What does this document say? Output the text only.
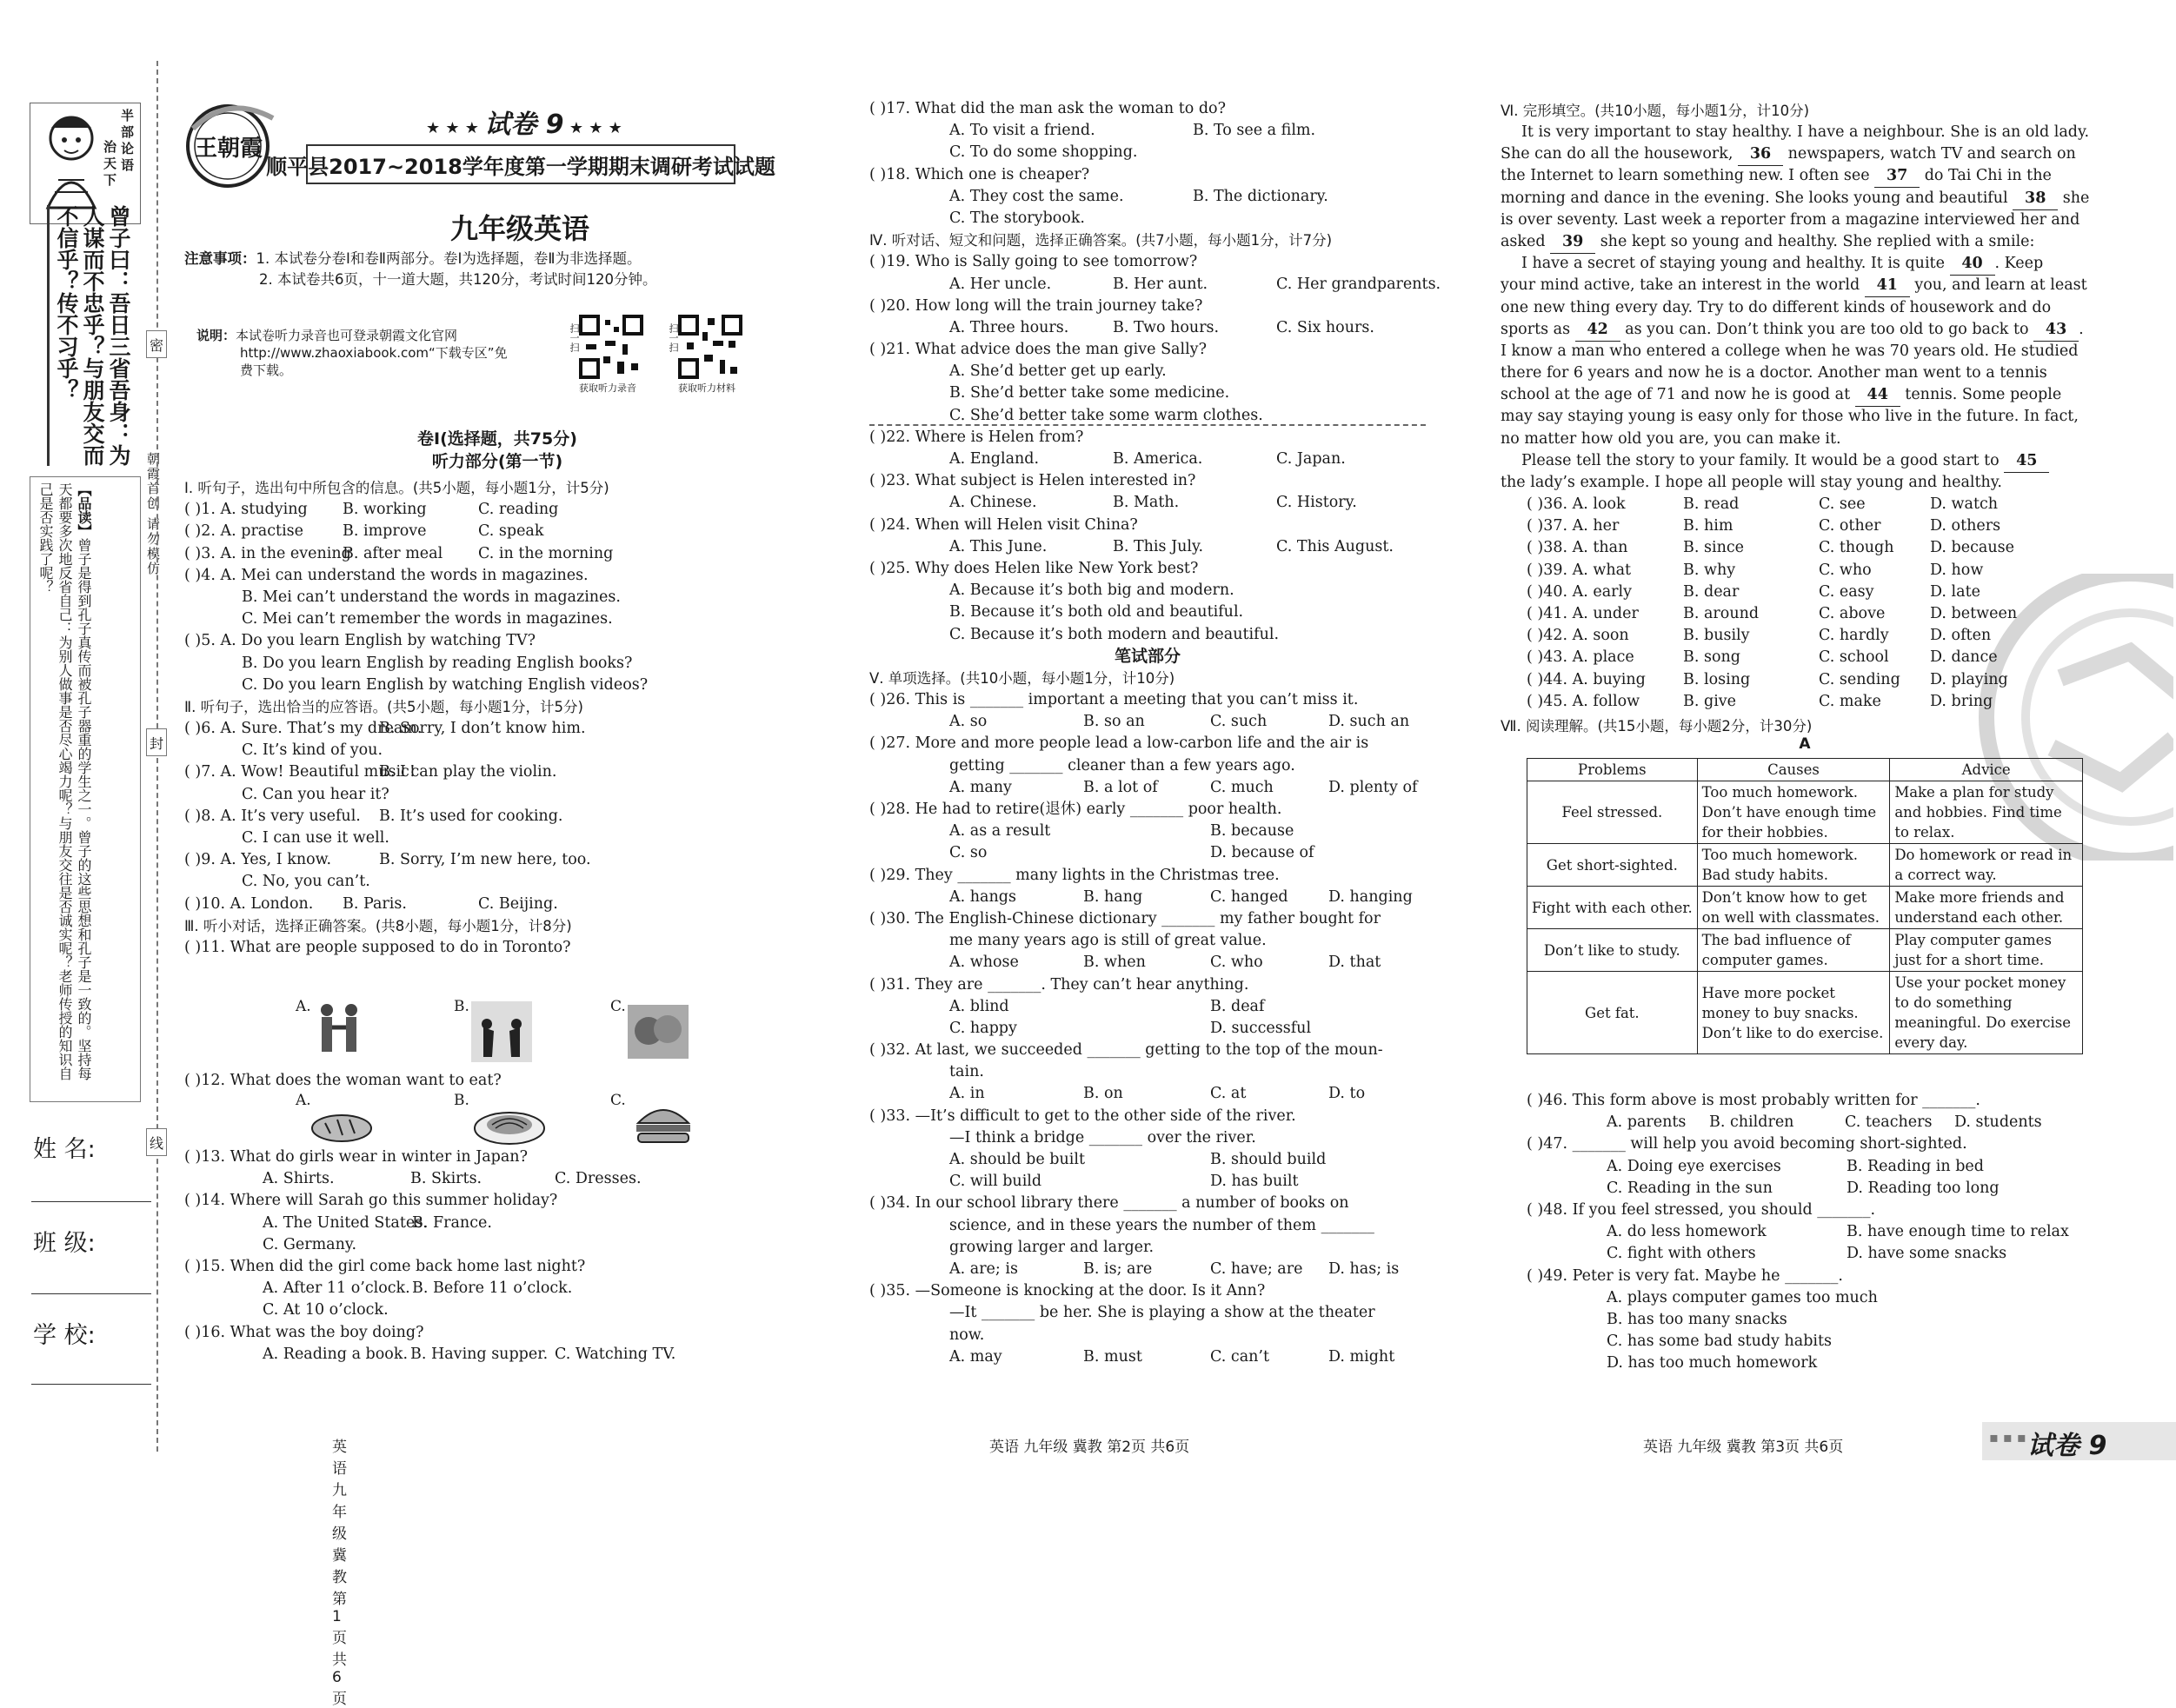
半部论语
治天下
曾子曰：吾日三省吾身：为人谋而不忠乎？与朋友交而不信乎？传不习乎？
【品读】曾子是得到孔子真传而被孔子器重的学生之一。曾子的这些思想和孔子是一致的。坚持每天都要多次地反省自己：为别人做事是否尽心竭力呢？与朋友交往是否诚实呢？老师传授的知识自己是否实践了呢？	朝霞首创 请勿模仿
密
封
线
姓 名:
班 级:
学 校:
王朝霞
★ ★ ★ 试卷 9 ★ ★ ★
顺平县2017~2018学年度第一学期期末调研考试试题
九年级英语
注意事项：1. 本试卷分卷Ⅰ和卷Ⅱ两部分。卷Ⅰ为选择题，卷Ⅱ为非选择题。
2. 本试卷共6页，十一道大题，共120分，考试时间120分钟。
说明：本试卷听力录音也可登录朝霞文化官网
http://www.zhaoxiabook.com“下载专区”免
费下载。
扫一扫	扫一扫
获取听力录音	获取听力材料
卷Ⅰ(选择题，共75分)
听力部分(第一节)
Ⅰ. 听句子，选出句中所包含的信息。(共5小题，每小题1分，计5分)
( )1. A. studying B. working	C. reading
( )2. A. practise	B. improve	C. speak
( )3. A. in the evening
B. after meal C. in the morning
( )4. A. Mei can understand the words in magazines.
B. Mei can’t understand the words in magazines.
C. Mei can’t remember the words in magazines.
( )5. A. Do you learn English by watching TV?
B. Do you learn English by reading English books?
C. Do you learn English by watching English videos?
Ⅱ. 听句子，选出恰当的应答语。(共5小题，每小题1分，计5分)
( )6. A. Sure. That’s my dream.
B. Sorry, I don’t know him.
C. It’s kind of you.
( )7. A. Wow! Beautiful music!
B. I can play the violin.
C. Can you hear it?
( )8. A. It’s very useful. B. It’s used for cooking.
C. I can use it well.
( )9. A. Yes, I know.	B. Sorry, I’m new here, too.
C. No, you can’t.
( )10. A. London. B. Paris.	C. Beijing.
Ⅲ. 听小对话，选择正确答案。(共8小题，每小题1分，计8分)
( )11. What are people supposed to do in Toronto?
A.	B.	C.
( )12. What does the woman want to eat?
A.	B.	C.
( )13. What do girls wear in winter in Japan?
A. Shirts.	B. Skirts.	C. Dresses.
( )14. Where will Sarah go this summer holiday?
A. The United States.
B. France.
C. Germany.
( )15. When did the girl come back home last night?
A. After 11 o’clock. B. Before 11 o’clock.
C. At 10 o’clock.
( )16. What was the boy doing?
A. Reading a book. B. Having supper. C. Watching TV.
英语 九年级 冀教 第1页 共6页
( )17. What did the man ask the woman to do?
A. To visit a friend.	B. To see a film.
C. To do some shopping.
( )18. Which one is cheaper?
A. They cost the same.	B. The dictionary.
C. The storybook.
Ⅳ. 听对话、短文和问题，选择正确答案。(共7小题，每小题1分，计7分)
( )19. Who is Sally going to see tomorrow?
A. Her uncle.	B. Her aunt.	C. Her grandparents.
( )20. How long will the train journey take?
A. Three hours.	B. Two hours.	C. Six hours.
( )21. What advice does the man give Sally?
A. She’d better get up early.
B. She’d better take some medicine.
C. She’d better take some warm clothes.
( )22. Where is Helen from?
A. England.	B. America.	C. Japan.
( )23. What subject is Helen interested in?
A. Chinese.	B. Math.	C. History.
( )24. When will Helen visit China?
A. This June.	B. This July.	C. This August.
( )25. Why does Helen like New York best?
A. Because it’s both big and modern.
B. Because it’s both old and beautiful.
C. Because it’s both modern and beautiful.
笔试部分
Ⅴ. 单项选择。(共10小题，每小题1分，计10分)
( )26. This is _______ important a meeting that you can’t miss it.
A. so	B. so an	C. such	D. such an
( )27. More and more people lead a low-carbon life and the air is
getting _______ cleaner than a few years ago.
A. many	B. a lot of	C. much	D. plenty of
( )28. He had to retire(退休) early _______ poor health.
A. as a result	B. because
C. so	D. because of
( )29. They _______ many lights in the Christmas tree.
A. hangs	B. hang	C. hanged	D. hanging
( )30. The English-Chinese dictionary _______ my father bought for
me many years ago is still of great value.
A. whose	B. when	C. who	D. that
( )31. They are _______. They can’t hear anything.
A. blind	B. deaf
C. happy	D. successful
( )32. At last, we succeeded _______ getting to the top of the moun-
tain.
A. in	B. on	C. at	D. to
( )33. —It’s difficult to get to the other side of the river.
—I think a bridge _______ over the river.
A. should be built	B. should build
C. will build	D. has built
( )34. In our school library there _______ a number of books on
science, and in these years the number of them _______
growing larger and larger.
A. are; is	B. is; are	C. have; are D. has; is
( )35. —Someone is knocking at the door. Is it Ann?
—It _______ be her. She is playing a show at the theater
now.
A. may	B. must	C. can’t	D. might
英语 九年级 冀教 第2页 共6页
Ⅵ. 完形填空。(共10小题，每小题1分，计10分)
It is very important to stay healthy. I have a neighbour. She is an old lady.
She can do all the housework, 36 newspapers, watch TV and search on
the Internet to learn something new. I often see 37 do Tai Chi in the
morning and dance in the evening. She looks young and beautiful 38 she
is over seventy. Last week a reporter from a magazine interviewed her and
asked 39 she kept so young and healthy. She replied with a smile:
I have a secret of staying young and healthy. It is quite 40 . Keep
your mind active, take an interest in the world 41 you, and learn at least
one new thing every day. Try to do different kinds of housework and do
sports as 42 as you can. Don’t think you are too old to go back to 43 .
I know a man who entered a college when he was 70 years old. He studied
there for 6 years and now he is a doctor. Another man went to a tennis
school at the age of 71 and now he is good at 44 tennis. Some people
may say staying young is easy only for those who live in the future. In fact,
no matter how old you are, you can make it.
Please tell the story to your family. It would be a good start to 45
the lady’s example. I hope all people will stay young and healthy.
( )36. A. look	B. read	C. see	D. watch
( )37. A. her	B. him	C. other	D. others
( )38. A. than	B. since	C. though D. because
( )39. A. what	B. why	C. who	D. how
( )40. A. early	B. dear	C. easy	D. late
( )41. A. under	B. around	C. above	D. between
( )42. A. soon	B. busily	C. hardly	D. often
( )43. A. place	B. song	C. school	D. dance
( )44. A. buying B. losing	C. sending D. playing
( )45. A. follow	B. give	C. make	D. bring
Ⅶ. 阅读理解。(共15小题，每小题2分，计30分)
A
Problems	Causes	Advice
Feel stressed.	Too much homework. Don’t have enough time for their hobbies.	Make a plan for study and hobbies. Find time to relax.
Get short-sighted.	Too much homework. Bad study habits.	Do homework or read in a correct way.
Fight with each other.	Don’t know how to get on well with classmates.	Make more friends and understand each other.
Don’t like to study.	The bad influence of computer games.	Play computer games just for a short time.
Get fat.	Have more pocket money to buy snacks. Don’t like to do exercise.	Use your pocket money to do something meaningful. Do exercise every day.
( )46. This form above is most probably written for _______.
A. parents B. children	C. teachers D. students
( )47. _______ will help you avoid becoming short-sighted.
A. Doing eye exercises	B. Reading in bed
C. Reading in the sun	D. Reading too long
( )48. If you feel stressed, you should _______.
A. do less homework	B. have enough time to relax
C. fight with others	D. have some snacks
( )49. Peter is very fat. Maybe he _______.
A. plays computer games too much
B. has too many snacks
C. has some bad study habits
D. has too much homework
英语 九年级 冀教 第3页 共6页
▪ ▪ ▪ 试卷 9
